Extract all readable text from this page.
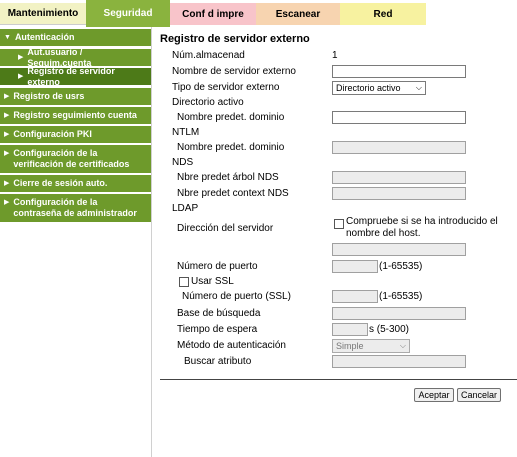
Mantenimiento	Seguridad	Conf d impre	Escanear	Red
▼ Autenticación
▶
Aut.usuario / Seguim.cuenta
▶
Registro de servidor externo
▶ Registro de usrs
▶ Registro seguimiento cuenta
▶ Configuración PKI
▶ Configuración de la verificación de certificados
▶ Cierre de sesión auto.
▶ Configuración de la contraseña de administrador
Registro de servidor externo
Núm.almacenad	1
Nombre de servidor externo
Tipo de servidor externo	Directorio activo ⌵
Directorio activo
Nombre predet. dominio
NTLM
Nombre predet. dominio
NDS
Nbre predet árbol NDS
Nbre predet context NDS
LDAP
Dirección del servidor
Compruebe si se ha introducido el nombre del host.
Número de puerto	(1-65535)
Usar SSL
Número de puerto (SSL)	(1-65535)
Base de búsqueda
Tiempo de espera	s (5-300)
Método de autenticación	Simple	⌵
Buscar atributo
Aceptar	Cancelar
